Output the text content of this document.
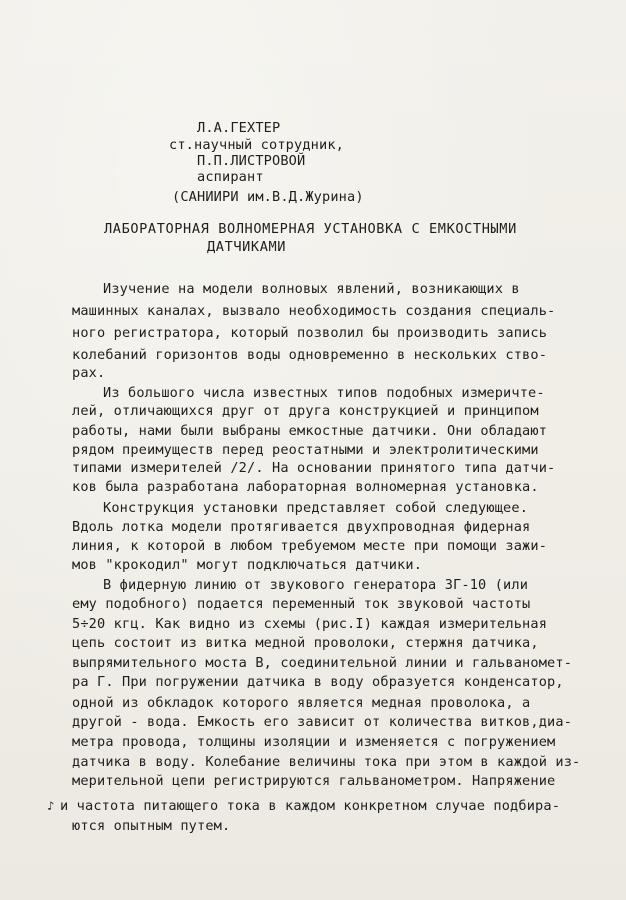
Л.А.ГЕХТЕР
ст.научный сотрудник,
П.П.ЛИСТРОВОЙ
аспирант
(САНИИРИ им.В.Д.Журина)
ЛАБОРАТОРНАЯ ВОЛНОМЕРНАЯ УСТАНОВКА С ЕМКОСТНЫМИ
ДАТЧИКАМИ
Изучение на модели волновых явлений, возникающих в
машинных каналах, вызвало необходимость создания специаль-
ного регистратора, который позволил бы производить запись
колебаний горизонтов воды одновременно в нескольких ство-
рах.
Из большого числа известных типов подобных измеричте-
лей, отличающихся друг от друга конструкцией и принципом
работы, нами были выбраны емкостные датчики. Они обладают
рядом преимуществ перед реостатными и электролитическими
типами измерителей /2/. На основании принятого типа датчи-
ков была разработана лабораторная волномерная установка.
Конструкция установки представляет собой следующее.
Вдоль лотка модели протягивается двухпроводная фидерная
линия, к которой в любом требуемом месте при помощи зажи-
мов "крокодил" могут подключаться датчики.
В фидерную линию от звукового генератора ЗГ-10 (или
ему подобного) подается переменный ток звуковой частоты
5÷20 кгц. Как видно из схемы (рис.I) каждая измерительная
цепь состоит из витка медной проволоки, стержня датчика,
выпрямительного моста В, соединительной линии и гальваномет-
ра Г. При погружении датчика в воду образуется конденсатор,
одной из обкладок которого является медная проволока, а
другой - вода. Емкость его зависит от количества витков,диа-
метра провода, толщины изоляции и изменяется с погружением
датчика в воду. Колебание величины тока при этом в каждой из-
мерительной цепи регистрируются гальванометром. Напряжение
и частота питающего тока в каждом конкретном случае подбира-
ются опытным путем.
♪
